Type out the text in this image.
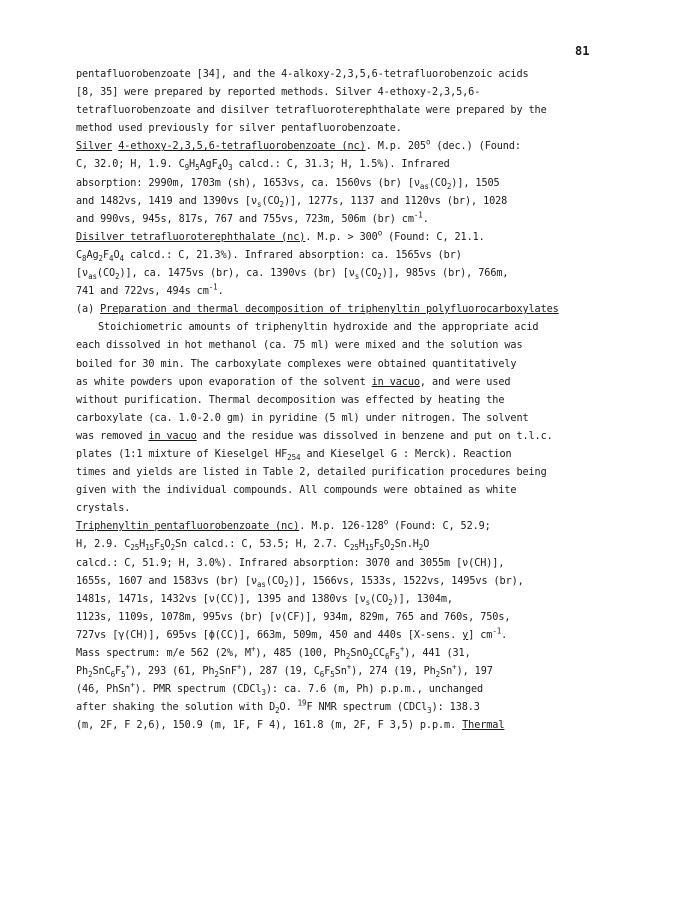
81
pentafluorobenzoate [34], and the 4-alkoxy-2,3,5,6-tetrafluorobenzoic acids
[8, 35] were prepared by reported methods. Silver 4-ethoxy-2,3,5,6-
tetrafluorobenzoate and disilver tetrafluoroterephthalate were prepared by the
method used previously for silver pentafluorobenzoate.
Silver 4-ethoxy-2,3,5,6-tetrafluorobenzoate (nc). M.p. 205$^o$ (dec.) (Found:
C, 32.0; H, 1.9. $C_9H_5AgF_4O_3$ calcd.: C, 31.3; H, 1.5%). Infrared
absorption: 2990m, 1703m (sh), 1653vs, ca. 1560vs (br) $[\nu_{as}(CO_2)]$, 1505
and 1482vs, 1419 and 1390vs $[\nu_s(CO_2)]$, 1277s, 1137 and 1120vs (br), 1028
and 990vs, 945s, 817s, 767 and 755vs, 723m, 506m (br) $cm^{-1}$.
Disilver tetrafluoroterephthalate (nc). M.p. > $300^o$ (Found: C, 21.1.
$C_8Ag_2F_4O_4$ calcd.: C, 21.3%). Infrared absorption: ca. 1565vs (br)
$[\nu_{as}(CO_2)]$, ca. 1475vs (br), ca. 1390vs (br) $[\nu_s(CO_2)]$, 985vs (br), 766m,
741 and 722vs, 494s $cm^{-1}$.
(a) Preparation and thermal decomposition of triphenyltin polyfluorocarboxylates
Stoichiometric amounts of triphenyltin hydroxide and the appropriate acid
each dissolved in hot methanol (ca. 75 ml) were mixed and the solution was
boiled for 30 min. The carboxylate complexes were obtained quantitatively
as white powders upon evaporation of the solvent in vacuo, and were used
without purification. Thermal decomposition was effected by heating the
carboxylate (ca. 1.0-2.0 gm) in pyridine (5 ml) under nitrogen. The solvent
was removed in vacuo and the residue was dissolved in benzene and put on t.l.c.
plates (1:1 mixture of Kieselgel $HF_{254}$ and Kieselgel G : Merck). Reaction
times and yields are listed in Table 2, detailed purification procedures being
given with the individual compounds. All compounds were obtained as white
crystals.
Triphenyltin pentafluorobenzoate (nc). M.p. 126-128$^o$ (Found: C, 52.9;
H, 2.9. $C_{25}H_{15}F_5O_2Sn$ calcd.: C, 53.5; H, 2.7. $C_{25}H_{15}F_5O_2Sn.H_2O$
calcd.: C, 51.9; H, 3.0%). Infrared absorption: 3070 and 3055m [ν(CH)],
1655s, 1607 and 1583vs (br) $[\nu_{as}(CO_2)]$, 1566vs, 1533s, 1522vs, 1495vs (br),
1481s, 1471s, 1432vs [ν(CC)], 1395 and 1380vs $[\nu_s(CO_2)]$, 1304m,
1123s, 1109s, 1078m, 995vs (br) [ν(CF)], 934m, 829m, 765 and 760s, 750s,
727vs [γ(CH)], 695vs [ϕ(CC)], 663m, 509m, 450 and 440s [X-sens. y] $cm^{-1}$.
Mass spectrum: m/e 562 (2%, M+), 485 (100, $Ph_2SnO_2CC_6F_5^+$), 441 (31,
$Ph_2SnC_6F_5^+$), 293 (61, $Ph_2SnF^+$), 287 (19, $C_6F_5Sn^+$), 274 (19, $Ph_2Sn^+$), 197
(46, PhSn+). PMR spectrum (CDCl$_3$): ca. 7.6 (m, Ph) p.p.m., unchanged
after shaking the solution with $D_2O$. $^{19}$F NMR spectrum (CDCl$_3$): 138.3
(m, 2F, F 2,6), 150.9 (m, 1F, F 4), 161.8 (m, 2F, F 3,5) p.p.m. Thermal
